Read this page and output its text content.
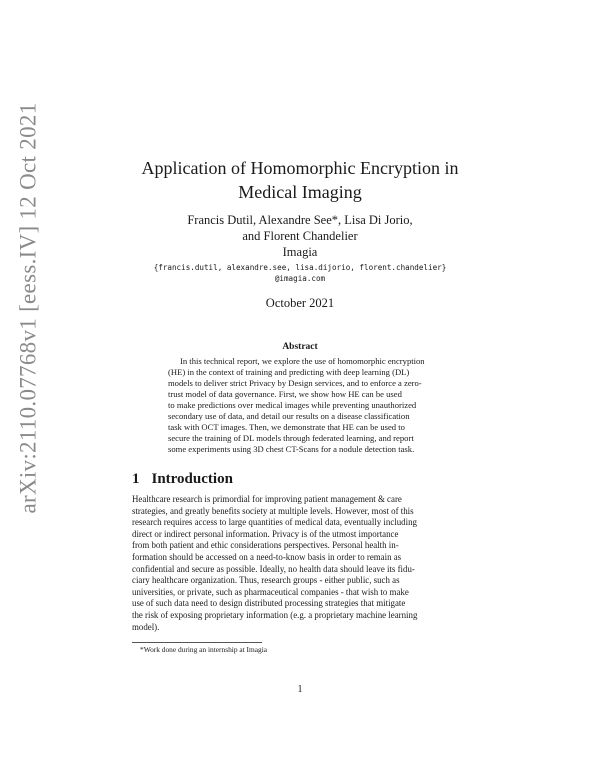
arXiv:2110.07768v1 [eess.IV] 12 Oct 2021	Application of Homomorphic Encryption in
Medical Imaging
Francis Dutil, Alexandre See*, Lisa Di Jorio,
and Florent Chandelier
Imagia
{francis.dutil, alexandre.see, lisa.dijorio, florent.chandelier}
@imagia.com
October 2021
Abstract
In this technical report, we explore the use of homomorphic encryption
(HE) in the context of training and predicting with deep learning (DL)
models to deliver strict Privacy by Design services, and to enforce a zero-
trust model of data governance. First, we show how HE can be used
to make predictions over medical images while preventing unauthorized
secondary use of data, and detail our results on a disease classification
task with OCT images. Then, we demonstrate that HE can be used to
secure the training of DL models through federated learning, and report
some experiments using 3D chest CT-Scans for a nodule detection task.
1 Introduction
Healthcare research is primordial for improving patient management & care
strategies, and greatly benefits society at multiple levels. However, most of this
research requires access to large quantities of medical data, eventually including
direct or indirect personal information. Privacy is of the utmost importance
from both patient and ethic considerations perspectives. Personal health in-
formation should be accessed on a need-to-know basis in order to remain as
confidential and secure as possible. Ideally, no health data should leave its fidu-
ciary healthcare organization. Thus, research groups - either public, such as
universities, or private, such as pharmaceutical companies - that wish to make
use of such data need to design distributed processing strategies that mitigate
the risk of exposing proprietary information (e.g. a proprietary machine learning
model).
*Work done during an internship at Imagia
1
